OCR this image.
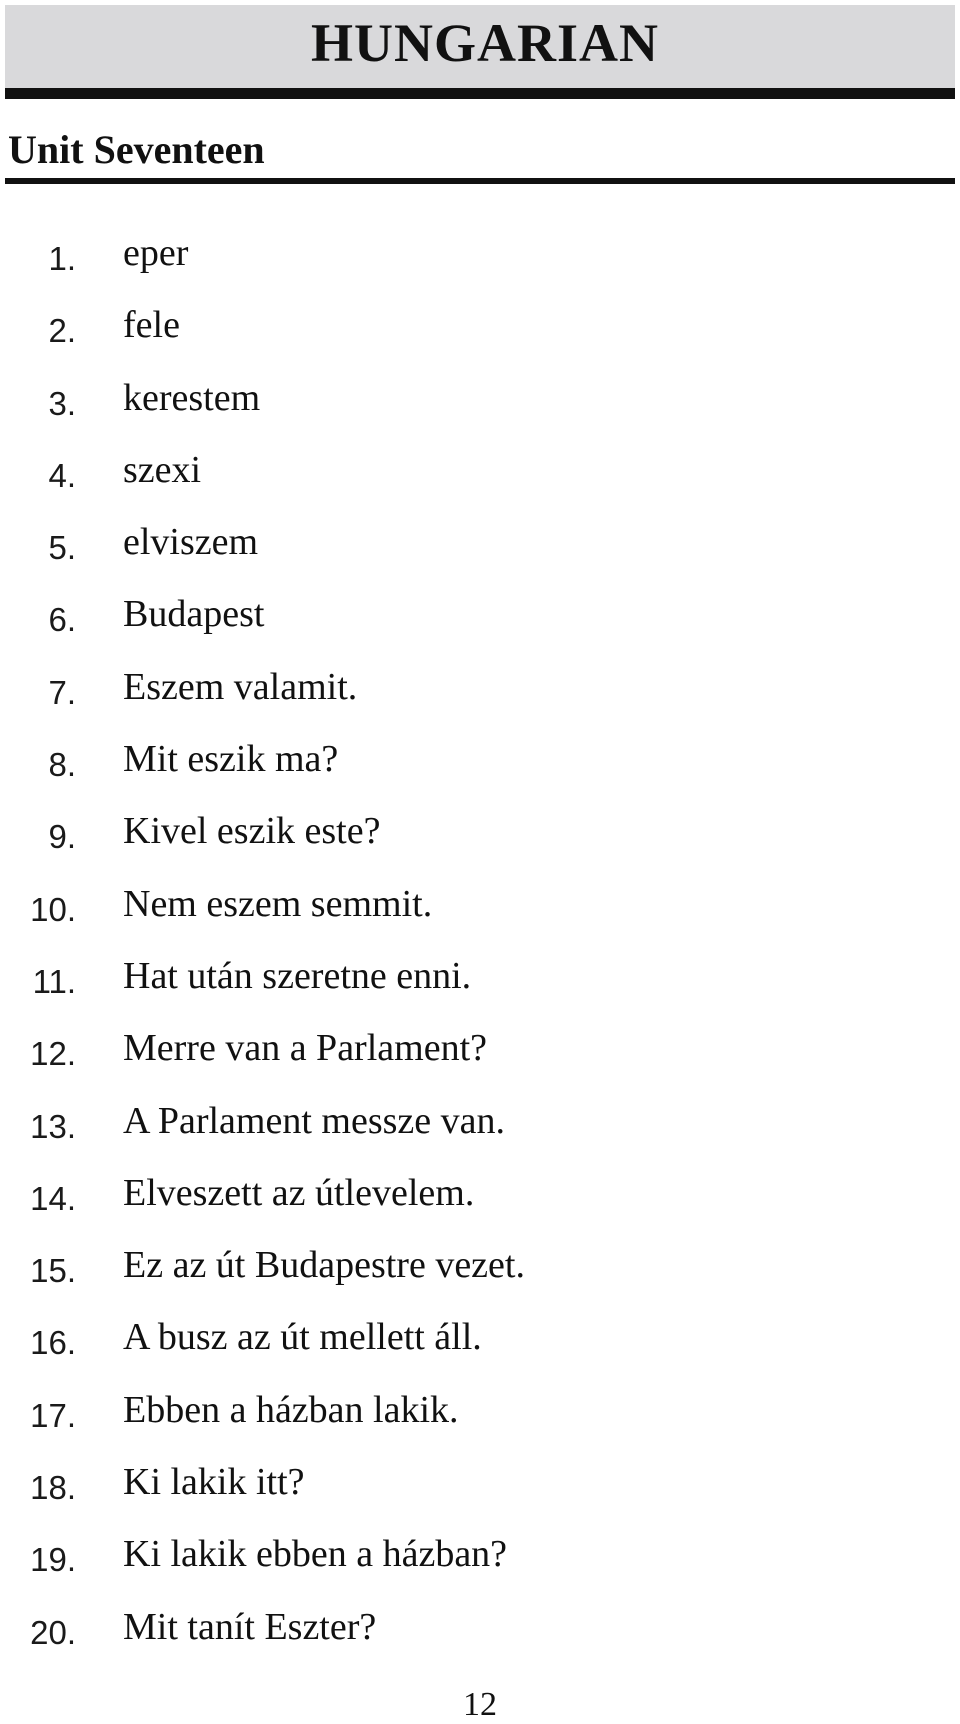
HUNGARIAN
Unit Seventeen
1. eper
2. fele
3. kerestem
4. szexi
5. elviszem
6. Budapest
7. Eszem valamit.
8. Mit eszik ma?
9. Kivel eszik este?
10. Nem eszem semmit.
11. Hat után szeretne enni.
12. Merre van a Parlament?
13. A Parlament messze van.
14. Elveszett az útlevelem.
15. Ez az út Budapestre vezet.
16. A busz az út mellett áll.
17. Ebben a házban lakik.
18. Ki lakik itt?
19. Ki lakik ebben a házban?
20. Mit tanít Eszter?
12
